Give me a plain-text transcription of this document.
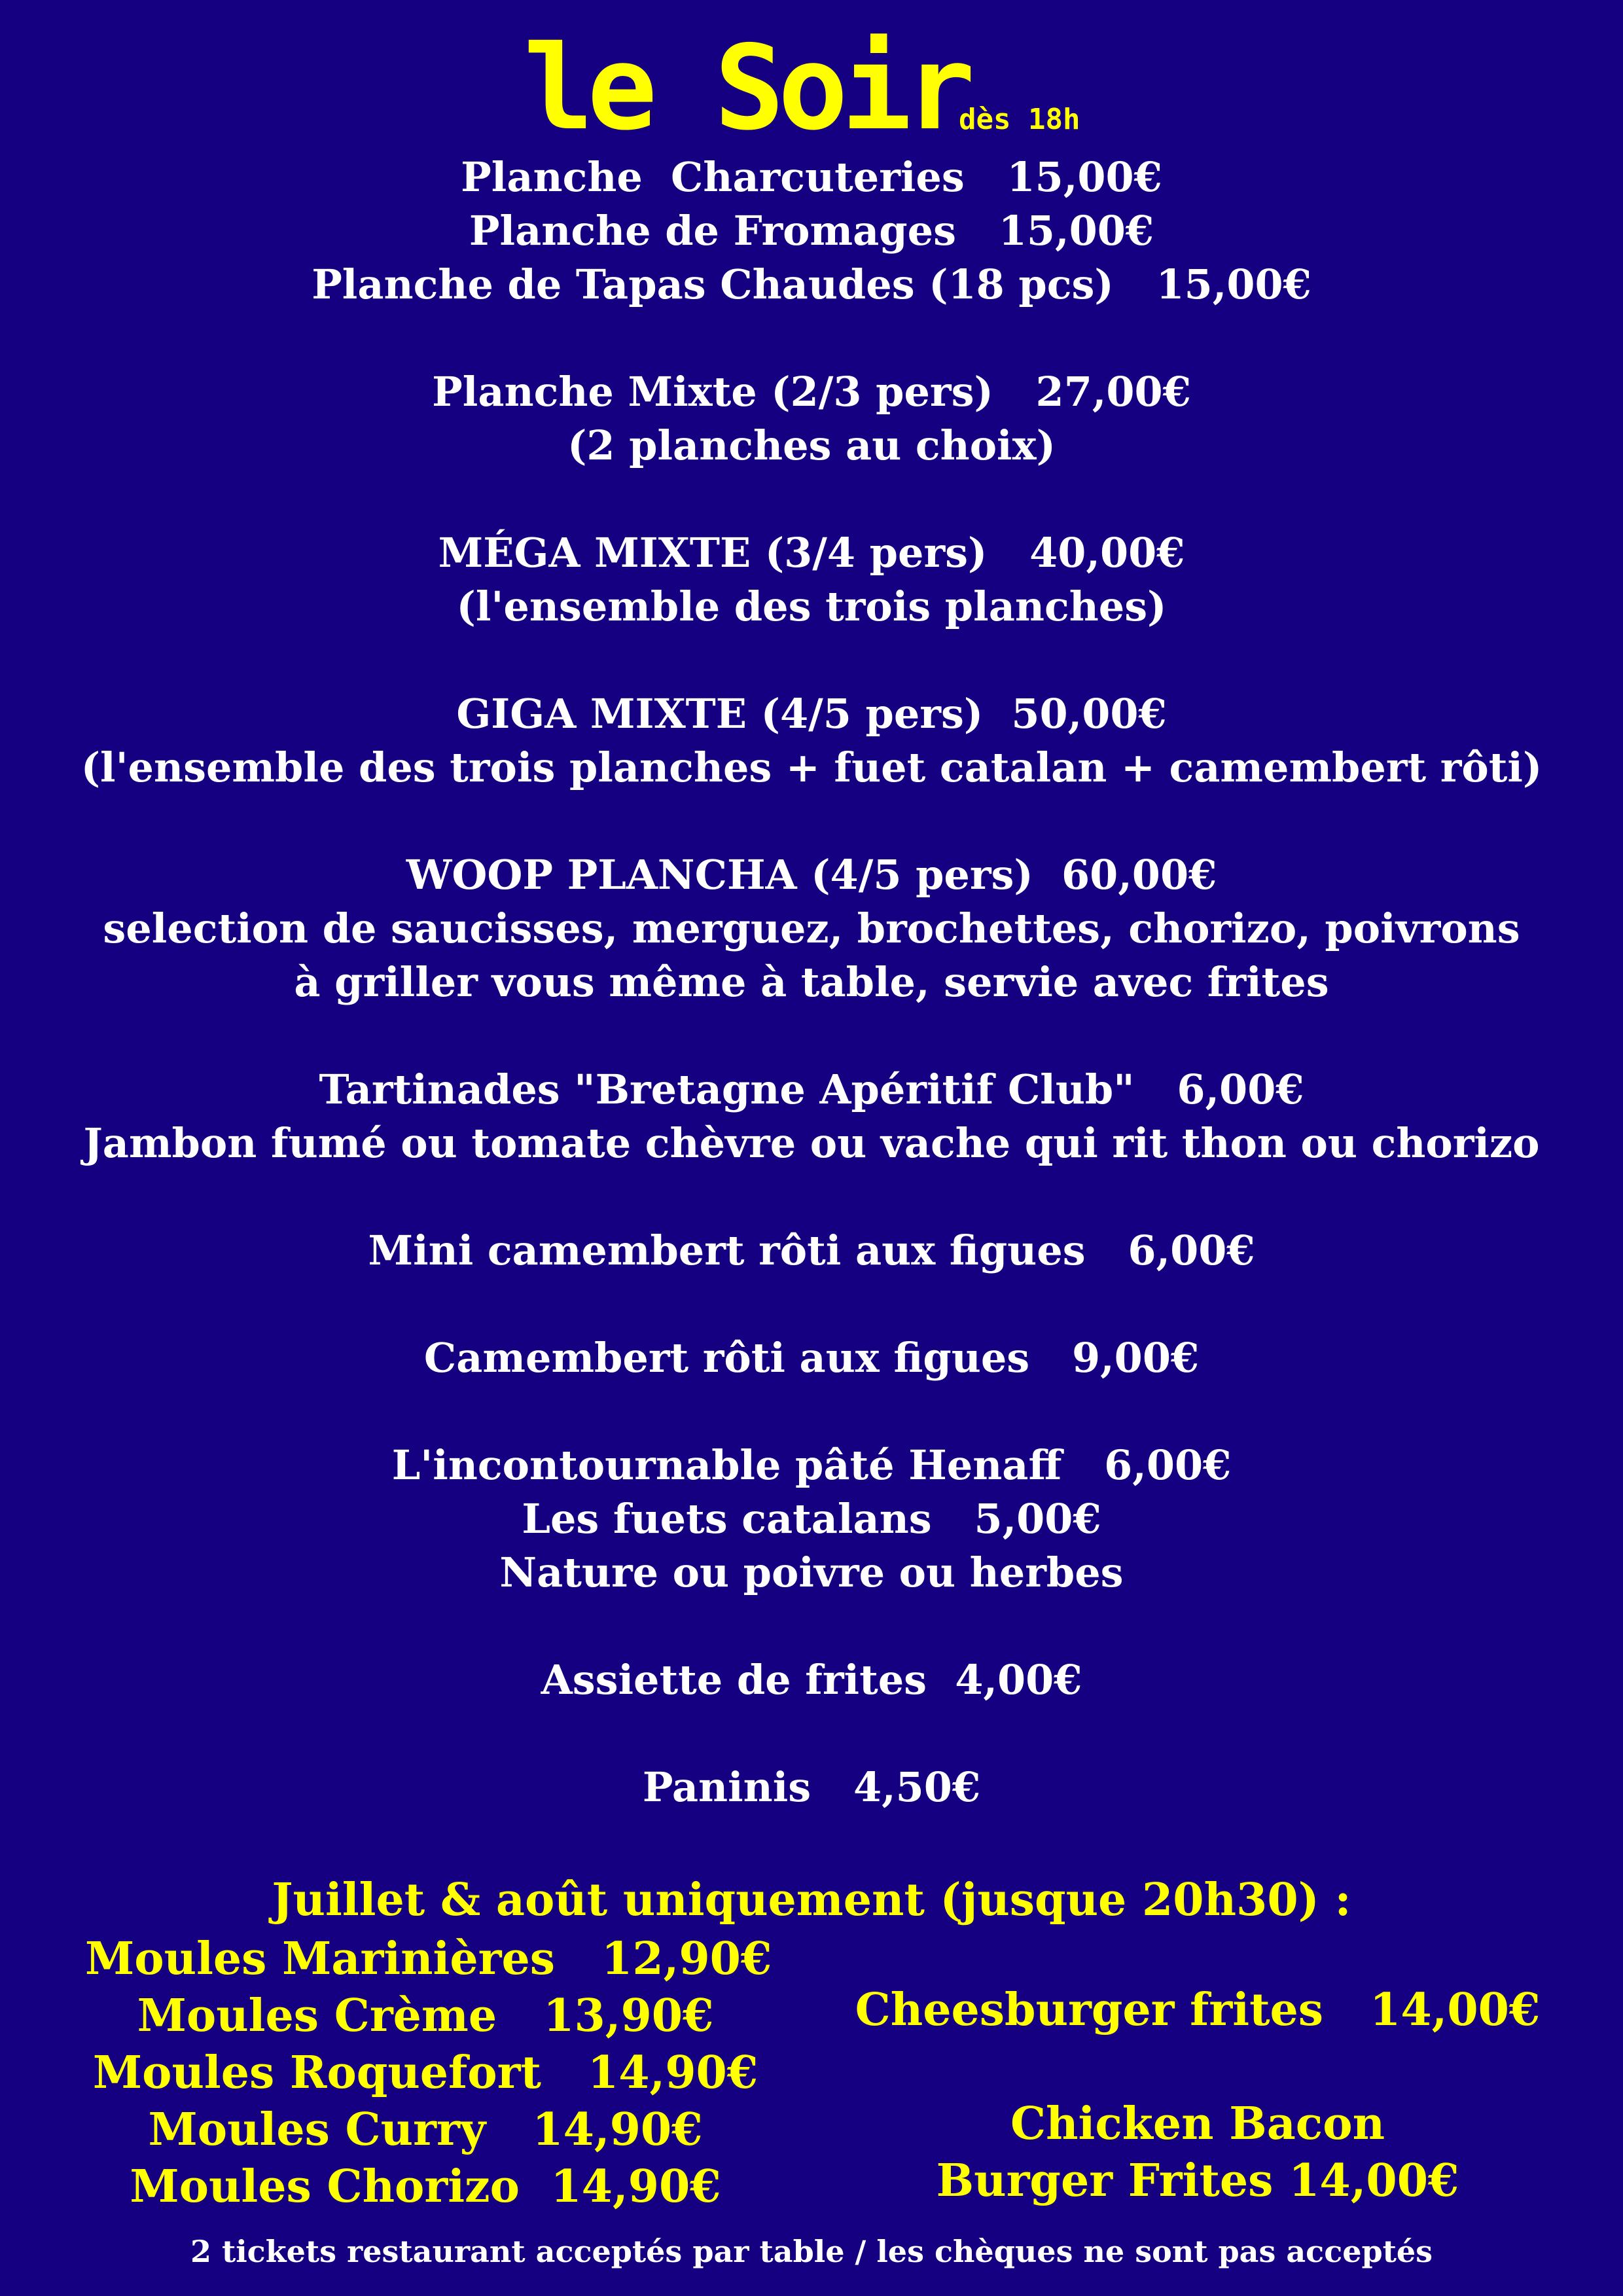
le Soir
dès 18h
Planche  Charcuteries   15,00€
Planche de Fromages   15,00€
Planche de Tapas Chaudes (18 pcs)   15,00€
Planche Mixte (2/3 pers)   27,00€
(2 planches au choix)
MÉGA MIXTE (3/4 pers)   40,00€
(l'ensemble des trois planches)
GIGA MIXTE (4/5 pers)  50,00€
(l'ensemble des trois planches + fuet catalan + camembert rôti)
WOOP PLANCHA (4/5 pers)  60,00€
selection de saucisses, merguez, brochettes, chorizo, poivrons
à griller vous même à table, servie avec frites
Tartinades "Bretagne Apéritif Club"   6,00€
Jambon fumé ou tomate chèvre ou vache qui rit thon ou chorizo
Mini camembert rôti aux figues   6,00€
Camembert rôti aux figues   9,00€
L'incontournable pâté Henaff   6,00€
Les fuets catalans   5,00€
Nature ou poivre ou herbes
Assiette de frites  4,00€
Paninis   4,50€
Juillet & août uniquement (jusque 20h30) :
Moules Marinières   12,90€
Moules Crème   13,90€
Moules Roquefort   14,90€
Moules Curry   14,90€
Moules Chorizo  14,90€
Cheesburger frites   14,00€
Chicken Bacon
Burger Frites 14,00€
2 tickets restaurant acceptés par table / les chèques ne sont pas acceptés
